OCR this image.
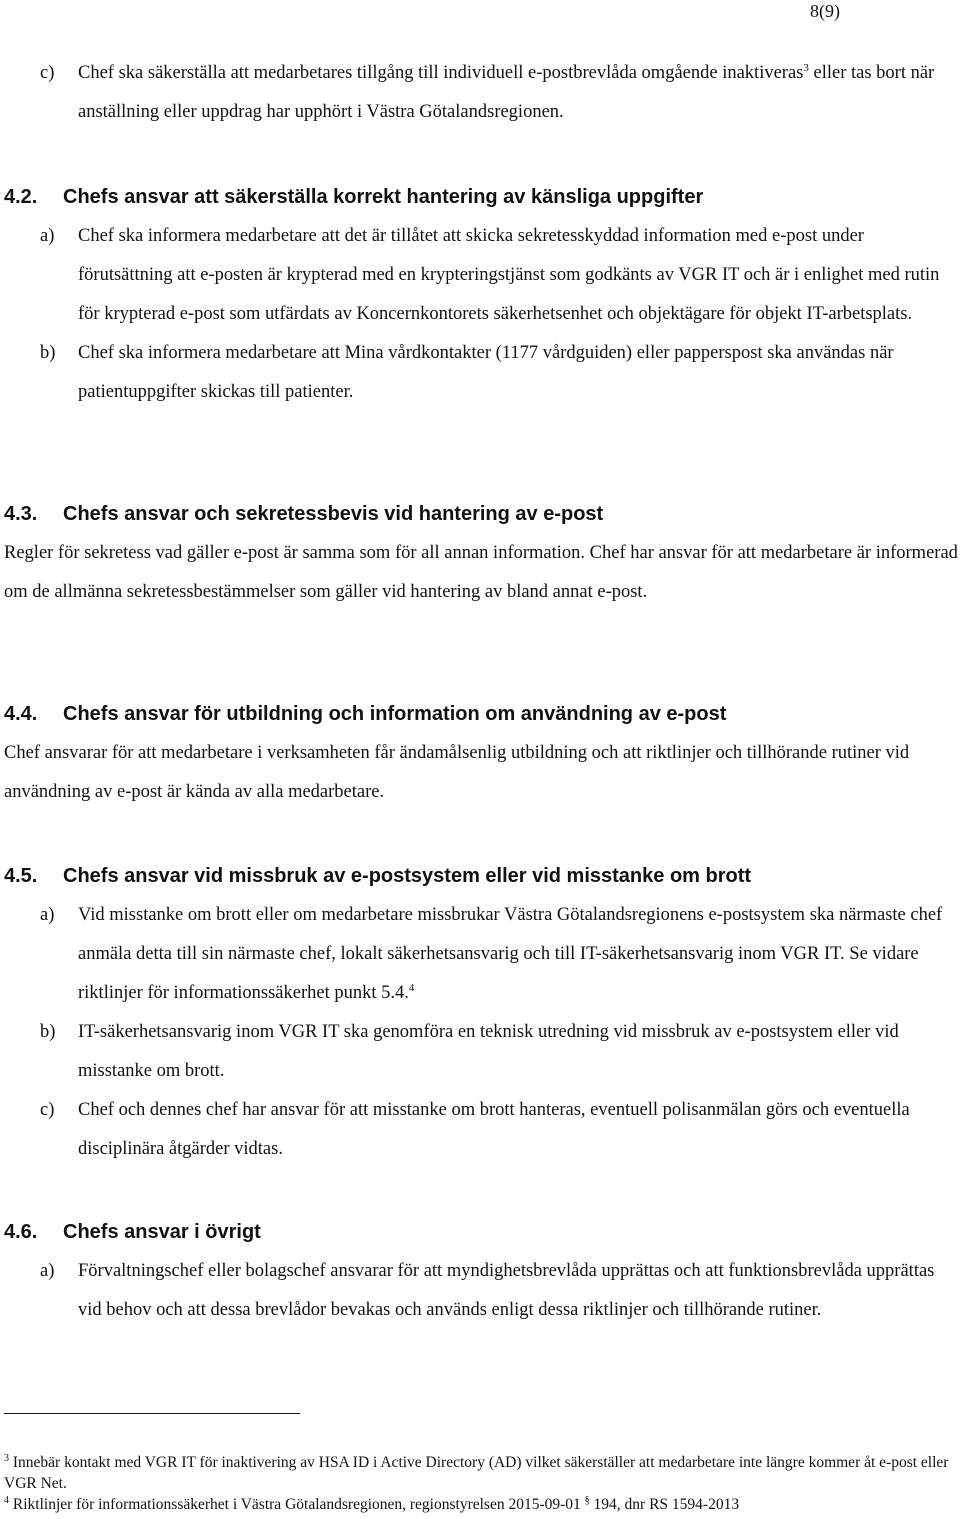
8(9)
c)	Chef ska säkerställa att medarbetares tillgång till individuell e-postbrevlåda omgående inaktiveras$^3$ eller tas bort när anställning eller uppdrag har upphört i Västra Götalandsregionen.
4.2.	Chefs ansvar att säkerställa korrekt hantering av känsliga uppgifter
a)	Chef ska informera medarbetare att det är tillåtet att skicka sekretesskyddad information med e-post under förutsättning att e-posten är krypterad med en krypteringstjänst som godkänts av VGR IT och är i enlighet med rutin för krypterad e-post som utfärdats av Koncernkontorets säkerhetsenhet och objektägare för objekt IT-arbetsplats.
b)	Chef ska informera medarbetare att Mina vårdkontakter (1177 vårdguiden) eller papperspost ska användas när patientuppgifter skickas till patienter.
4.3.	Chefs ansvar och sekretessbevis vid hantering av e-post
Regler för sekretess vad gäller e-post är samma som för all annan information. Chef har ansvar för att medarbetare är informerad om de allmänna sekretessbestämmelser som gäller vid hantering av bland annat e-post.
4.4.	Chefs ansvar för utbildning och information om användning av e-post
Chef ansvarar för att medarbetare i verksamheten får ändamålsenlig utbildning och att riktlinjer och tillhörande rutiner vid användning av e-post är kända av alla medarbetare.
4.5.	Chefs ansvar vid missbruk av e-postsystem eller vid misstanke om brott
a)	Vid misstanke om brott eller om medarbetare missbrukar Västra Götalandsregionens e-postsystem ska närmaste chef anmäla detta till sin närmaste chef, lokalt säkerhetsansvarig och till IT-säkerhetsansvarig inom VGR IT. Se vidare riktlinjer för informationssäkerhet punkt 5.4.$^4$
b)	IT-säkerhetsansvarig inom VGR IT ska genomföra en teknisk utredning vid missbruk av e-postsystem eller vid misstanke om brott.
c)	Chef och dennes chef har ansvar för att misstanke om brott hanteras, eventuell polisanmälan görs och eventuella disciplinära åtgärder vidtas.
4.6.	Chefs ansvar i övrigt
a)	Förvaltningschef eller bolagschef ansvarar för att myndighetsbrevlåda upprättas och att funktionsbrevlåda upprättas vid behov och att dessa brevlådor bevakas och används enligt dessa riktlinjer och tillhörande rutiner.
$^3$ Innebär kontakt med VGR IT för inaktivering av HSA ID i Active Directory (AD) vilket säkerställer att medarbetare inte längre kommer åt e-post eller VGR Net.
$^4$ Riktlinjer för informationssäkerhet i Västra Götalandsregionen, regionstyrelsen 2015-09-01 § 194, dnr RS 1594-2013
